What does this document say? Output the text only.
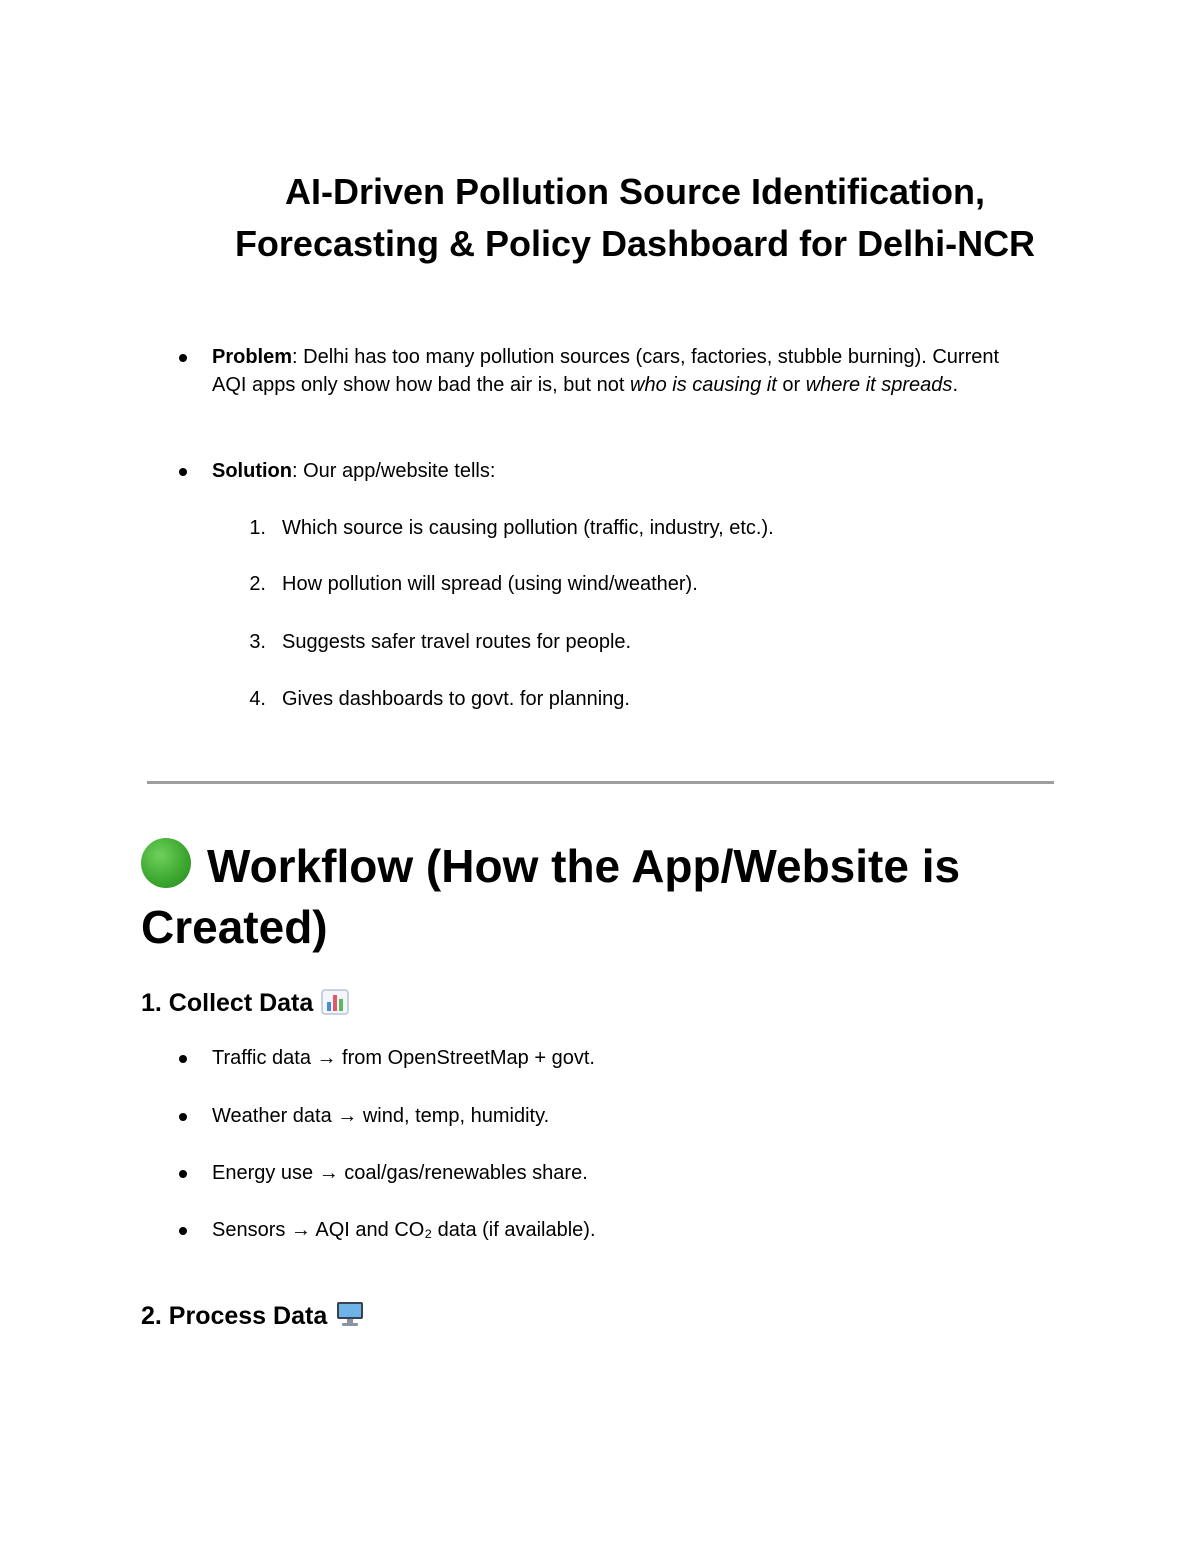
AI-Driven Pollution Source Identification, Forecasting & Policy Dashboard for Delhi-NCR
Problem: Delhi has too many pollution sources (cars, factories, stubble burning). Current AQI apps only show how bad the air is, but not who is causing it or where it spreads.
Solution: Our app/website tells:
1. Which source is causing pollution (traffic, industry, etc.).
2. How pollution will spread (using wind/weather).
3. Suggests safer travel routes for people.
4. Gives dashboards to govt. for planning.
Workflow (How the App/Website is Created)
1. Collect Data
Traffic data → from OpenStreetMap + govt.
Weather data → wind, temp, humidity.
Energy use → coal/gas/renewables share.
Sensors → AQI and CO₂ data (if available).
2. Process Data
